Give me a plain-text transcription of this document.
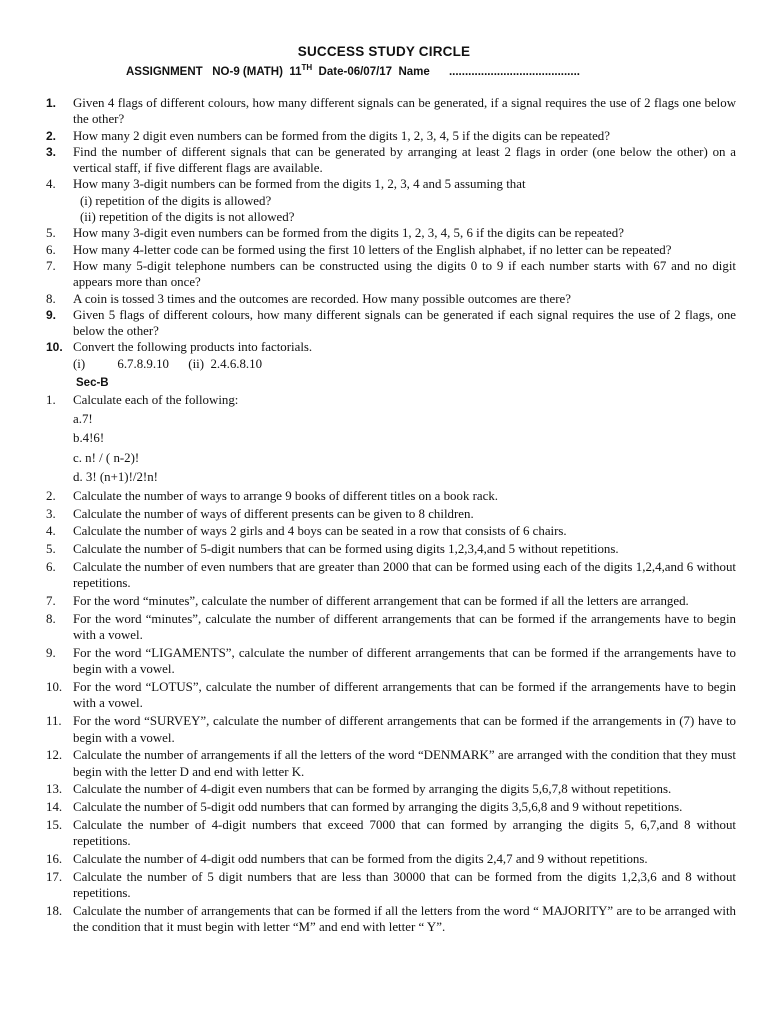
SUCCESS STUDY CIRCLE
ASSIGNMENT   NO-9 (MATH)  11TH  Date-06/07/17  Name      .........................................
1. Given 4 flags of different colours, how many different signals can be generated, if a signal requires the use of 2 flags one below the other?
2. How many 2 digit even numbers can be formed from the digits 1, 2, 3, 4, 5 if the digits can be repeated?
3. Find the number of different signals that can be generated by arranging at least 2 flags in order (one below the other) on a vertical staff, if five different flags are available.
4. How many 3-digit numbers can be formed from the digits 1, 2, 3, 4 and 5 assuming that
(i) repetition of the digits is allowed?
(ii) repetition of the digits is not allowed?
5. How many 3-digit even numbers can be formed from the digits 1, 2, 3, 4, 5, 6 if the digits can be repeated?
6. How many 4-letter code can be formed using the first 10 letters of the English alphabet, if no letter can be repeated?
7. How many 5-digit telephone numbers can be constructed using the digits 0 to 9 if each number starts with 67 and no digit appears more than once?
8. A coin is tossed 3 times and the outcomes are recorded. How many possible outcomes are there?
9. Given 5 flags of different colours, how many different signals can be generated if each signal requires the use of 2 flags, one below the other?
10. Convert the following products into factorials.
(i)          6.7.8.9.10      (ii)  2.4.6.8.10
Sec-B
1. Calculate each of the following:
a.7!
b.4!6!
c. n! / ( n-2)!
d. 3! (n+1)!/2!n!
2. Calculate the number of ways to arrange 9 books of different titles on a book rack.
3. Calculate the number of ways of different presents can be given to 8 children.
4. Calculate the number of ways 2 girls and 4 boys can be seated in a row that consists of 6 chairs.
5. Calculate the number of 5-digit numbers that can be formed using digits 1,2,3,4,and 5 without repetitions.
6. Calculate the number of even numbers that are greater than 2000 that can be formed using each of the digits 1,2,4,and 6 without repetitions.
7. For the word “minutes”, calculate the number of different arrangement that can be formed if all the letters are arranged.
8. For the word “minutes”, calculate the number of different arrangements that can be formed if the arrangements have to begin with a vowel.
9. For the word “LIGAMENTS”, calculate the number of different arrangements that can be formed if the arrangements have to begin with a vowel.
10. For the word “LOTUS”, calculate the number of different arrangements that can be formed if the arrangements have to begin with a vowel.
11. For the word “SURVEY”, calculate the number of different arrangements that can be formed if the arrangements in (7) have to begin with a vowel.
12. Calculate the number of arrangements if all the letters of the word “DENMARK” are arranged with the condition that they must begin with the letter D and end with letter K.
13. Calculate the number of 4-digit even numbers that can be formed by arranging the digits 5,6,7,8 without repetitions.
14. Calculate the number of 5-digit odd numbers that can formed by arranging the digits 3,5,6,8 and 9 without repetitions.
15. Calculate the number of 4-digit numbers that exceed 7000 that can formed by arranging the digits 5, 6,7,and 8 without repetitions.
16. Calculate the number of 4-digit odd numbers that can be formed from the digits 2,4,7 and 9 without repetitions.
17. Calculate the number of 5 digit numbers that are less than 30000 that can be formed from the digits 1,2,3,6 and 8 without repetitions.
18. Calculate the number of arrangements that can be formed if all the letters from the word “ MAJORITY” are to be arranged with the condition that it must begin with letter “M” and end with letter “ Y”.
